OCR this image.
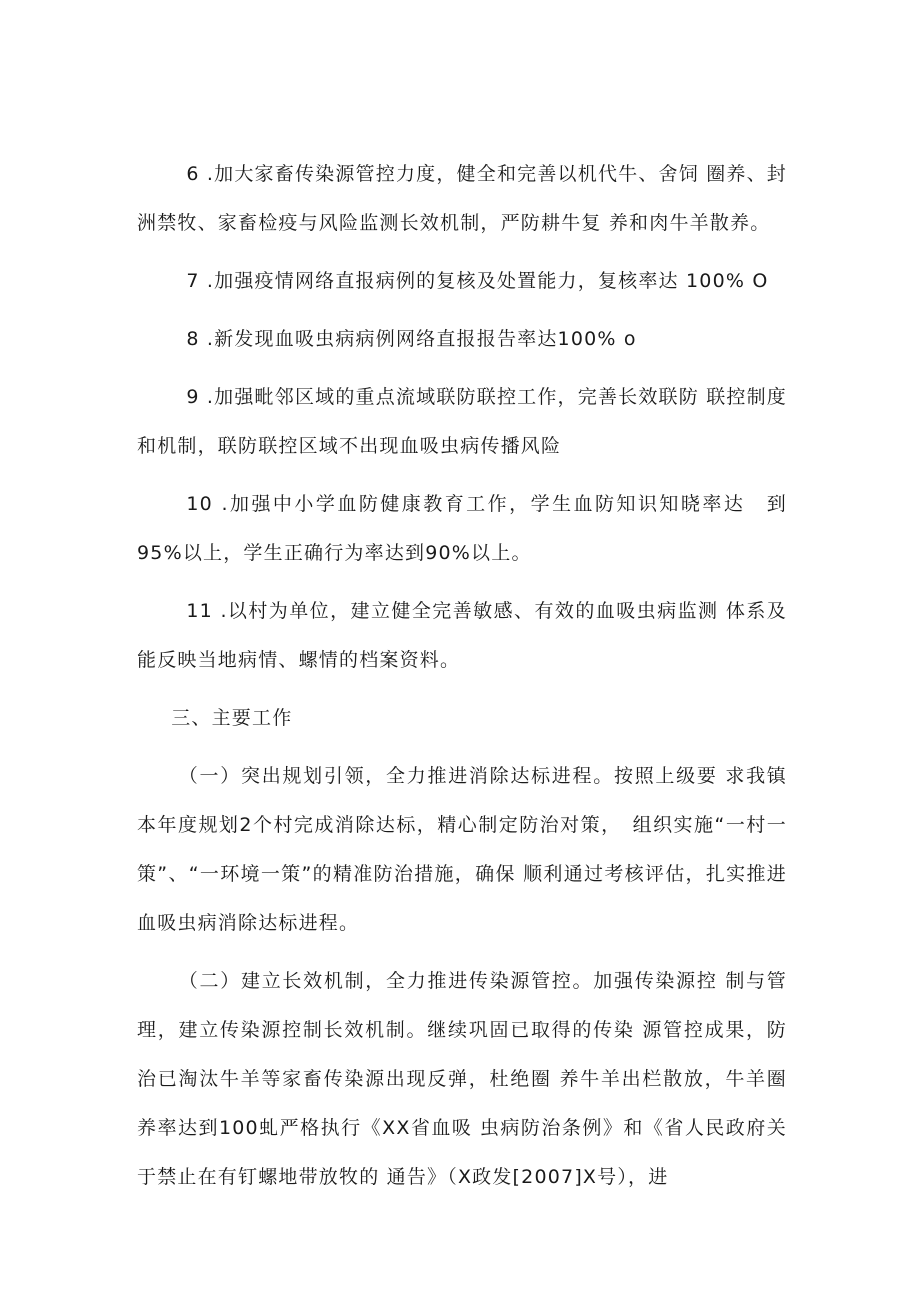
6 .加大家畜传染源管控力度，健全和完善以机代牛、舍饲 圈养、封洲禁牧、家畜检疫与风险监测长效机制，严防耕牛复 养和肉牛羊散养。

7 .加强疫情网络直报病例的复核及处置能力，复核率达 100% O

8 .新发现血吸虫病病例网络直报报告率达100% o

9 .加强毗邻区域的重点流域联防联控工作，完善长效联防 联控制度和机制，联防联控区域不出现血吸虫病传播风险

10 .加强中小学血防健康教育工作，学生血防知识知晓率达　到95%以上，学生正确行为率达到90%以上。

11 .以村为单位，建立健全完善敏感、有效的血吸虫病监测 体系及能反映当地病情、螺情的档案资料。

三、主要工作

（一）突出规划引领，全力推进消除达标进程。按照上级要 求我镇本年度规划2个村完成消除达标，精心制定防治对策，　组织实施“一村一策”、“一环境一策”的精准防治措施，确保 顺利通过考核评估，扎实推进血吸虫病消除达标进程。

（二）建立长效机制，全力推进传染源管控。加强传染源控 制与管理，建立传染源控制长效机制。继续巩固已取得的传染 源管控成果，防治已淘汰牛羊等家畜传染源出现反弹，杜绝圈 养牛羊出栏散放，牛羊圈养率达到100虬严格执行《XX省血吸 虫病防治条例》和《省人民政府关于禁止在有钉螺地带放牧的 通告》（X政发[2007]X号），进
